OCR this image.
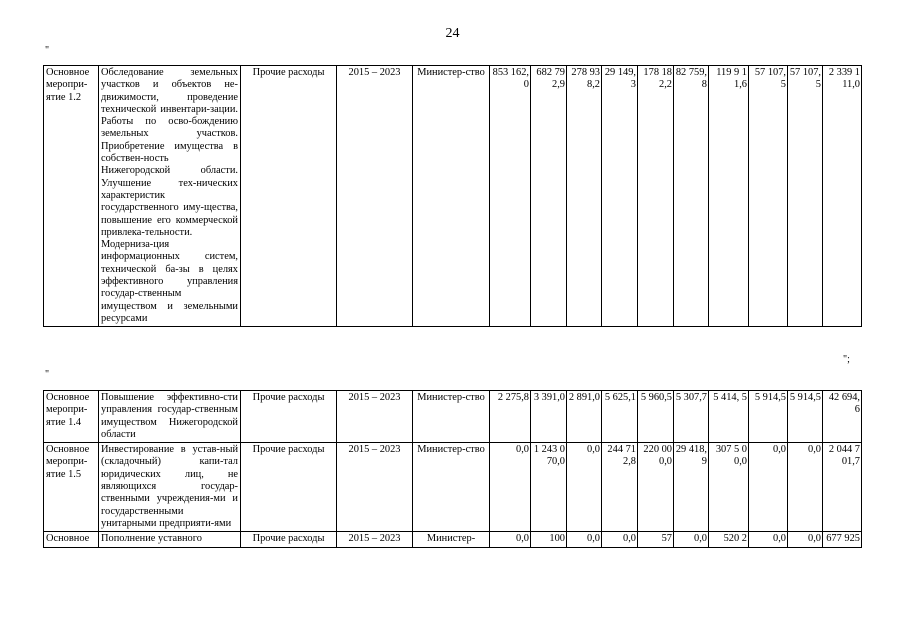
24
"
Основное меропри-ятие 1.2	Обследование земельных участков и объектов не-движимости, проведение технической инвентари-зации. Работы по осво-бождению земельных участков. Приобретение имущества в собствен-ность Нижегородской области. Улучшение тех-нических характеристик государственного иму-щества, повышение его коммерческой привлека-тельности. Модерниза-ция информационных систем, технической ба-зы в целях эффективного управления государ-ственным имуществом и земельными ресурсами	Прочие расходы	2015 – 2023	Министер-ство	853 162,0	682 792,9	278 938,2	29 149,3	178 182,2	82 759,8	119 9 11,6	57 107,5	57 107,5	2 339 1 11,0
";
"
Основное меропри-ятие 1.4	Повышение эффективно-сти управления государ-ственным имуществом Нижегородской области	Прочие расходы	2015 – 2023	Министер-ство	2 275,8	3 391,0	2 891,0	5 625,1	5 960,5	5 307,7	5 414, 5	5 914,5	5 914,5	42 694, 6
Основное меропри-ятие 1.5	Инвестирование в устав-ный (складочный) капи-тал юридических лиц, не являющихся государ-ственными учреждения-ми и государственными унитарными предприяти-ями	Прочие расходы	2015 – 2023	Министер-ство	0,0	1 243 070,0	0,0	244 712,8	220 000,0	29 418,9	307 5 00,0	0,0	0,0	2 044 7 01,7
Основное	Пополнение уставного	Прочие расходы	2015 – 2023	Министер-	0,0	100	0,0	0,0	57	0,0	520 2	0,0	0,0	677 925
